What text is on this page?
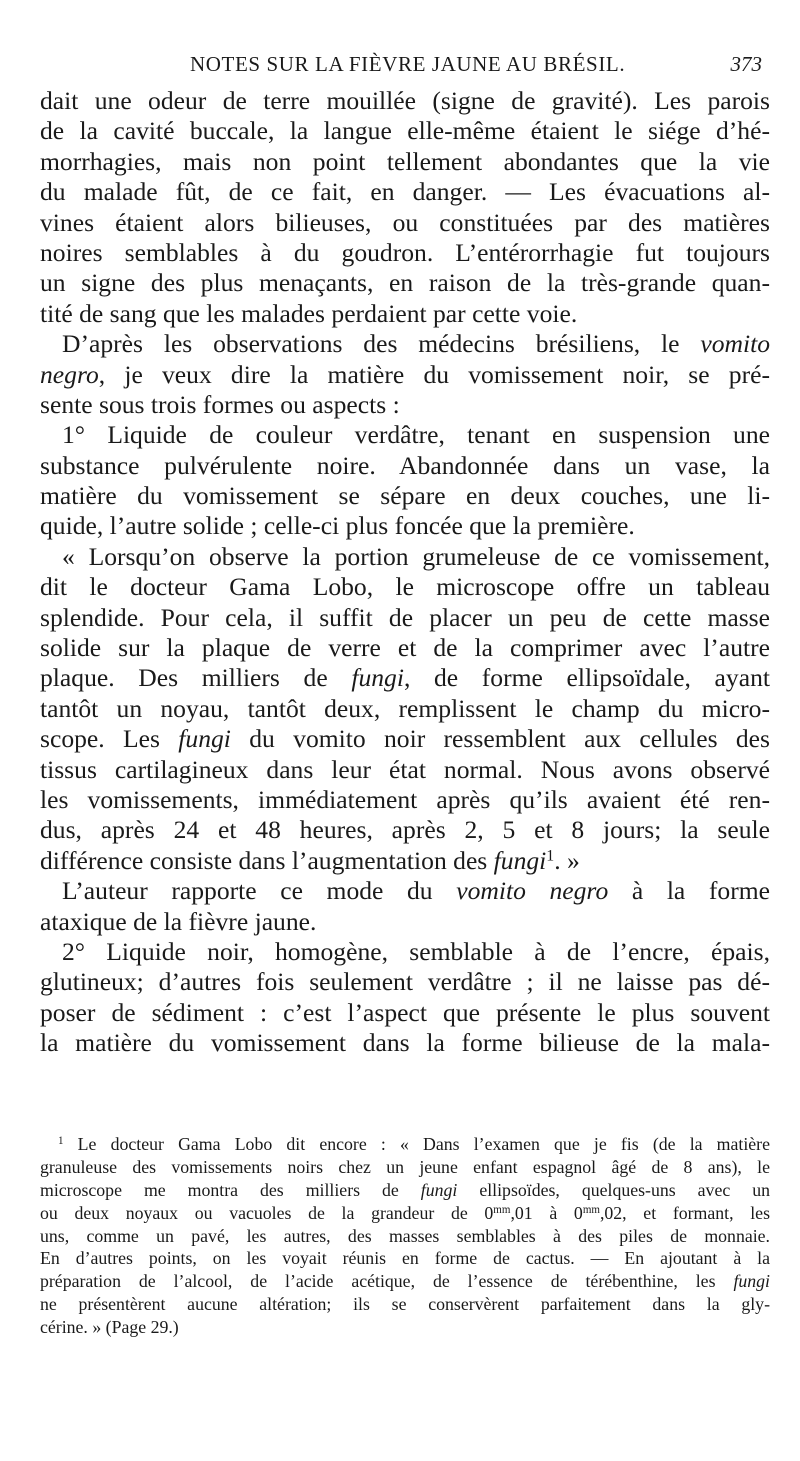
NOTES SUR LA FIÈVRE JAUNE AU BRÉSIL.	373
dait une odeur de terre mouillée (signe de gravité). Les parois
de la cavité buccale, la langue elle-même étaient le siége d’hé-
morrhagies, mais non point tellement abondantes que la vie
du malade fût, de ce fait, en danger. — Les évacuations al-
vines étaient alors bilieuses, ou constituées par des matières
noires semblables à du goudron. L’entérorrhagie fut toujours
un signe des plus menaçants, en raison de la très-grande quan-
tité de sang que les malades perdaient par cette voie.
D’après les observations des médecins brésiliens, le vomito
negro, je veux dire la matière du vomissement noir, se pré-
sente sous trois formes ou aspects :
1° Liquide de couleur verdâtre, tenant en suspension une
substance pulvérulente noire. Abandonnée dans un vase, la
matière du vomissement se sépare en deux couches, une li-
quide, l’autre solide ; celle-ci plus foncée que la première.
« Lorsqu’on observe la portion grumeleuse de ce vomissement,
dit le docteur Gama Lobo, le microscope offre un tableau
splendide. Pour cela, il suffit de placer un peu de cette masse
solide sur la plaque de verre et de la comprimer avec l’autre
plaque. Des milliers de fungi, de forme ellipsoïdale, ayant
tantôt un noyau, tantôt deux, remplissent le champ du micro-
scope. Les fungi du vomito noir ressemblent aux cellules des
tissus cartilagineux dans leur état normal. Nous avons observé
les vomissements, immédiatement après qu’ils avaient été ren-
dus, après 24 et 48 heures, après 2, 5 et 8 jours; la seule
différence consiste dans l’augmentation des fungi$^1$. »
L’auteur rapporte ce mode du vomito negro à la forme
ataxique de la fièvre jaune.
2° Liquide noir, homogène, semblable à de l’encre, épais,
glutineux; d’autres fois seulement verdâtre ; il ne laisse pas dé-
poser de sédiment : c’est l’aspect que présente le plus souvent
la matière du vomissement dans la forme bilieuse de la mala-
$^1$ Le docteur Gama Lobo dit encore : « Dans l’examen que je fis (de la matière
granuleuse des vomissements noirs chez un jeune enfant espagnol âgé de 8 ans), le
microscope me montra des milliers de fungi ellipsoïdes, quelques-uns avec un
ou deux noyaux ou vacuoles de la grandeur de $0^{mm},01$ à $0^{mm},02$, et formant, les
uns, comme un pavé, les autres, des masses semblables à des piles de monnaie.
En d’autres points, on les voyait réunis en forme de cactus. — En ajoutant à la
préparation de l’alcool, de l’acide acétique, de l’essence de térébenthine, les fungi
ne présentèrent aucune altération; ils se conservèrent parfaitement dans la gly-
cérine. » (Page 29.)
